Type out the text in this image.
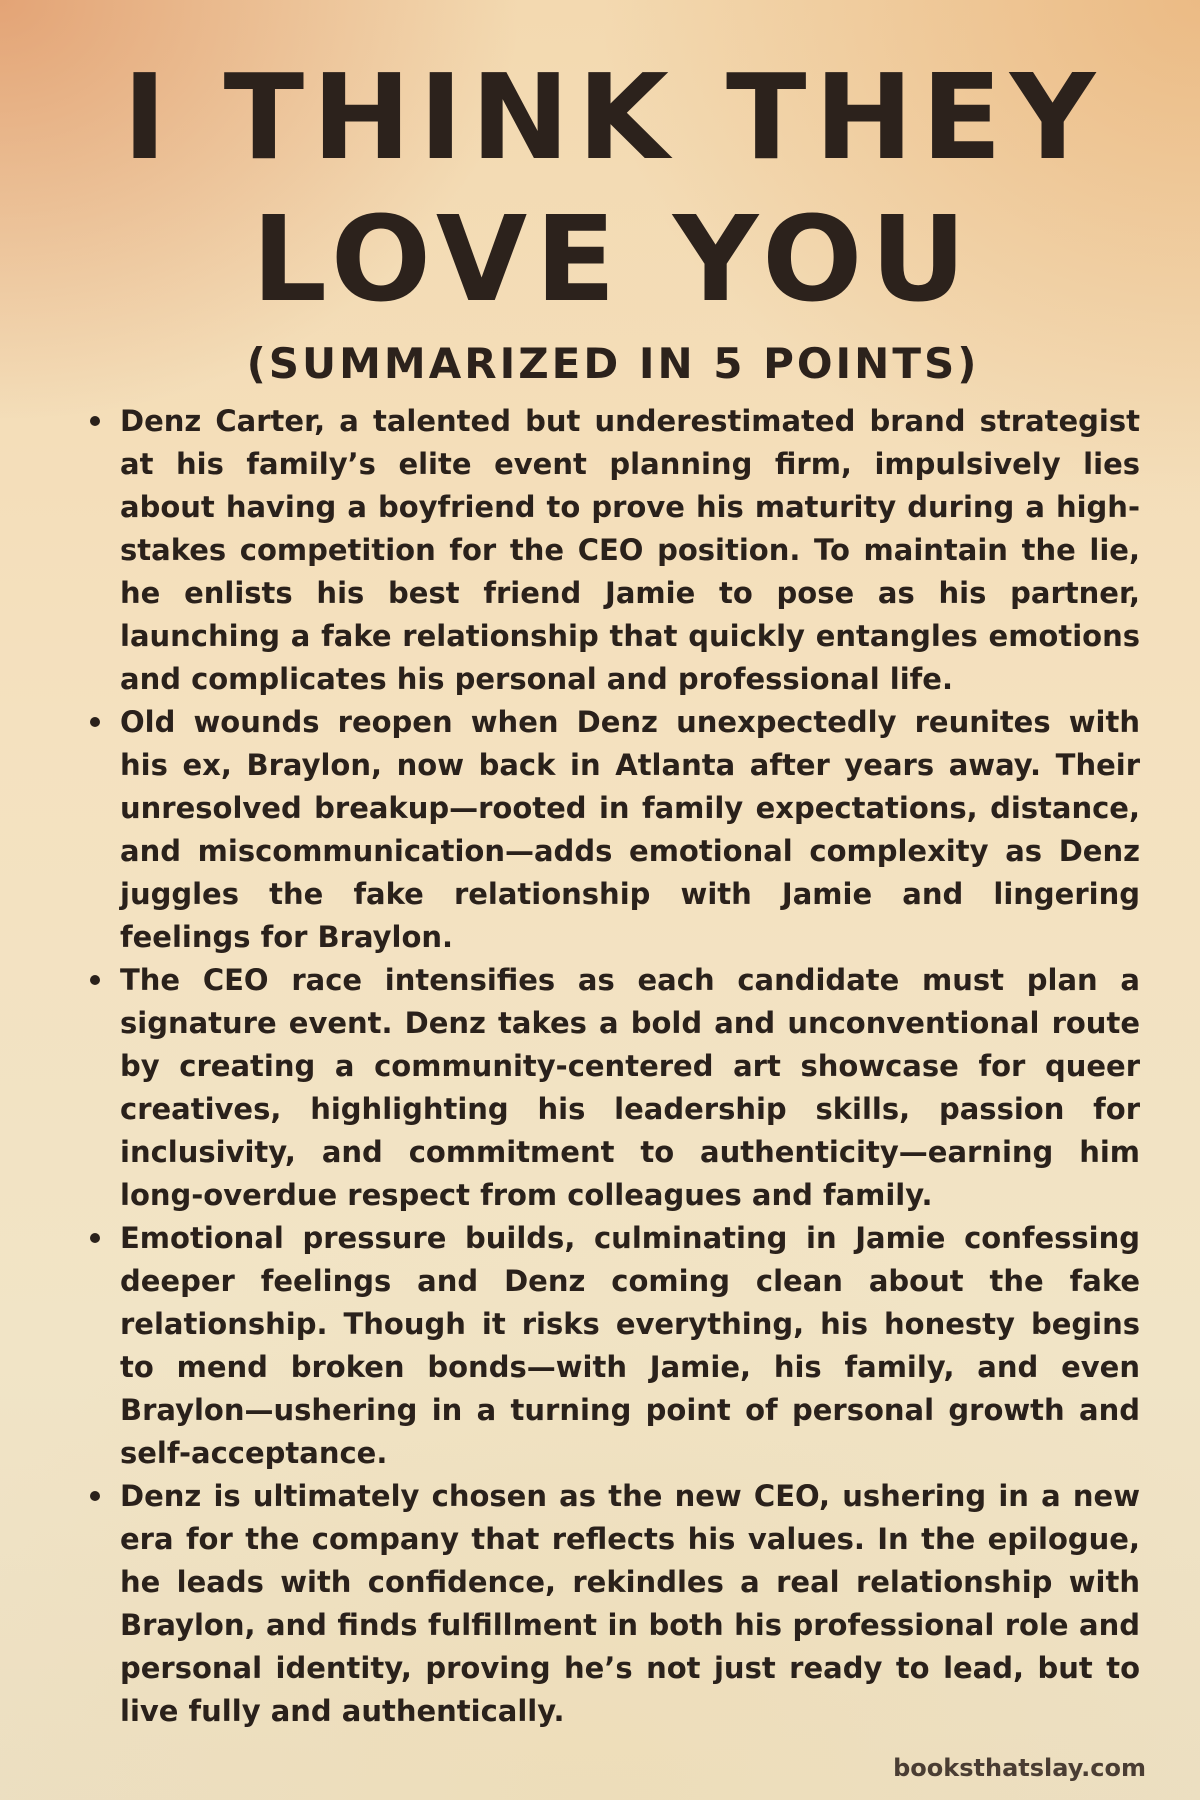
I THINK THEY
LOVE YOU
(SUMMARIZED IN 5 POINTS)
Denz Carter, a talented but underestimated brand strategist at his family’s elite event planning firm, impulsively lies about having a boyfriend to prove his maturity during a high-stakes competition for the CEO position. To maintain the lie, he enlists his best friend Jamie to pose as his partner, launching a fake relationship that quickly entangles emotions and complicates his personal and professional life.
Old wounds reopen when Denz unexpectedly reunites with his ex, Braylon, now back in Atlanta after years away. Their unresolved breakup—rooted in family expectations, distance, and miscommunication—adds emotional complexity as Denz juggles the fake relationship with Jamie and lingering feelings for Braylon.
The CEO race intensifies as each candidate must plan a signature event. Denz takes a bold and unconventional route by creating a community-centered art showcase for queer creatives, highlighting his leadership skills, passion for inclusivity, and commitment to authenticity—earning him long-overdue respect from colleagues and family.
Emotional pressure builds, culminating in Jamie confessing deeper feelings and Denz coming clean about the fake relationship. Though it risks everything, his honesty begins to mend broken bonds—with Jamie, his family, and even Braylon—ushering in a turning point of personal growth and self-acceptance.
Denz is ultimately chosen as the new CEO, ushering in a new era for the company that reflects his values. In the epilogue, he leads with confidence, rekindles a real relationship with Braylon, and finds fulfillment in both his professional role and personal identity, proving he’s not just ready to lead, but to live fully and authentically.
booksthatslay.com
